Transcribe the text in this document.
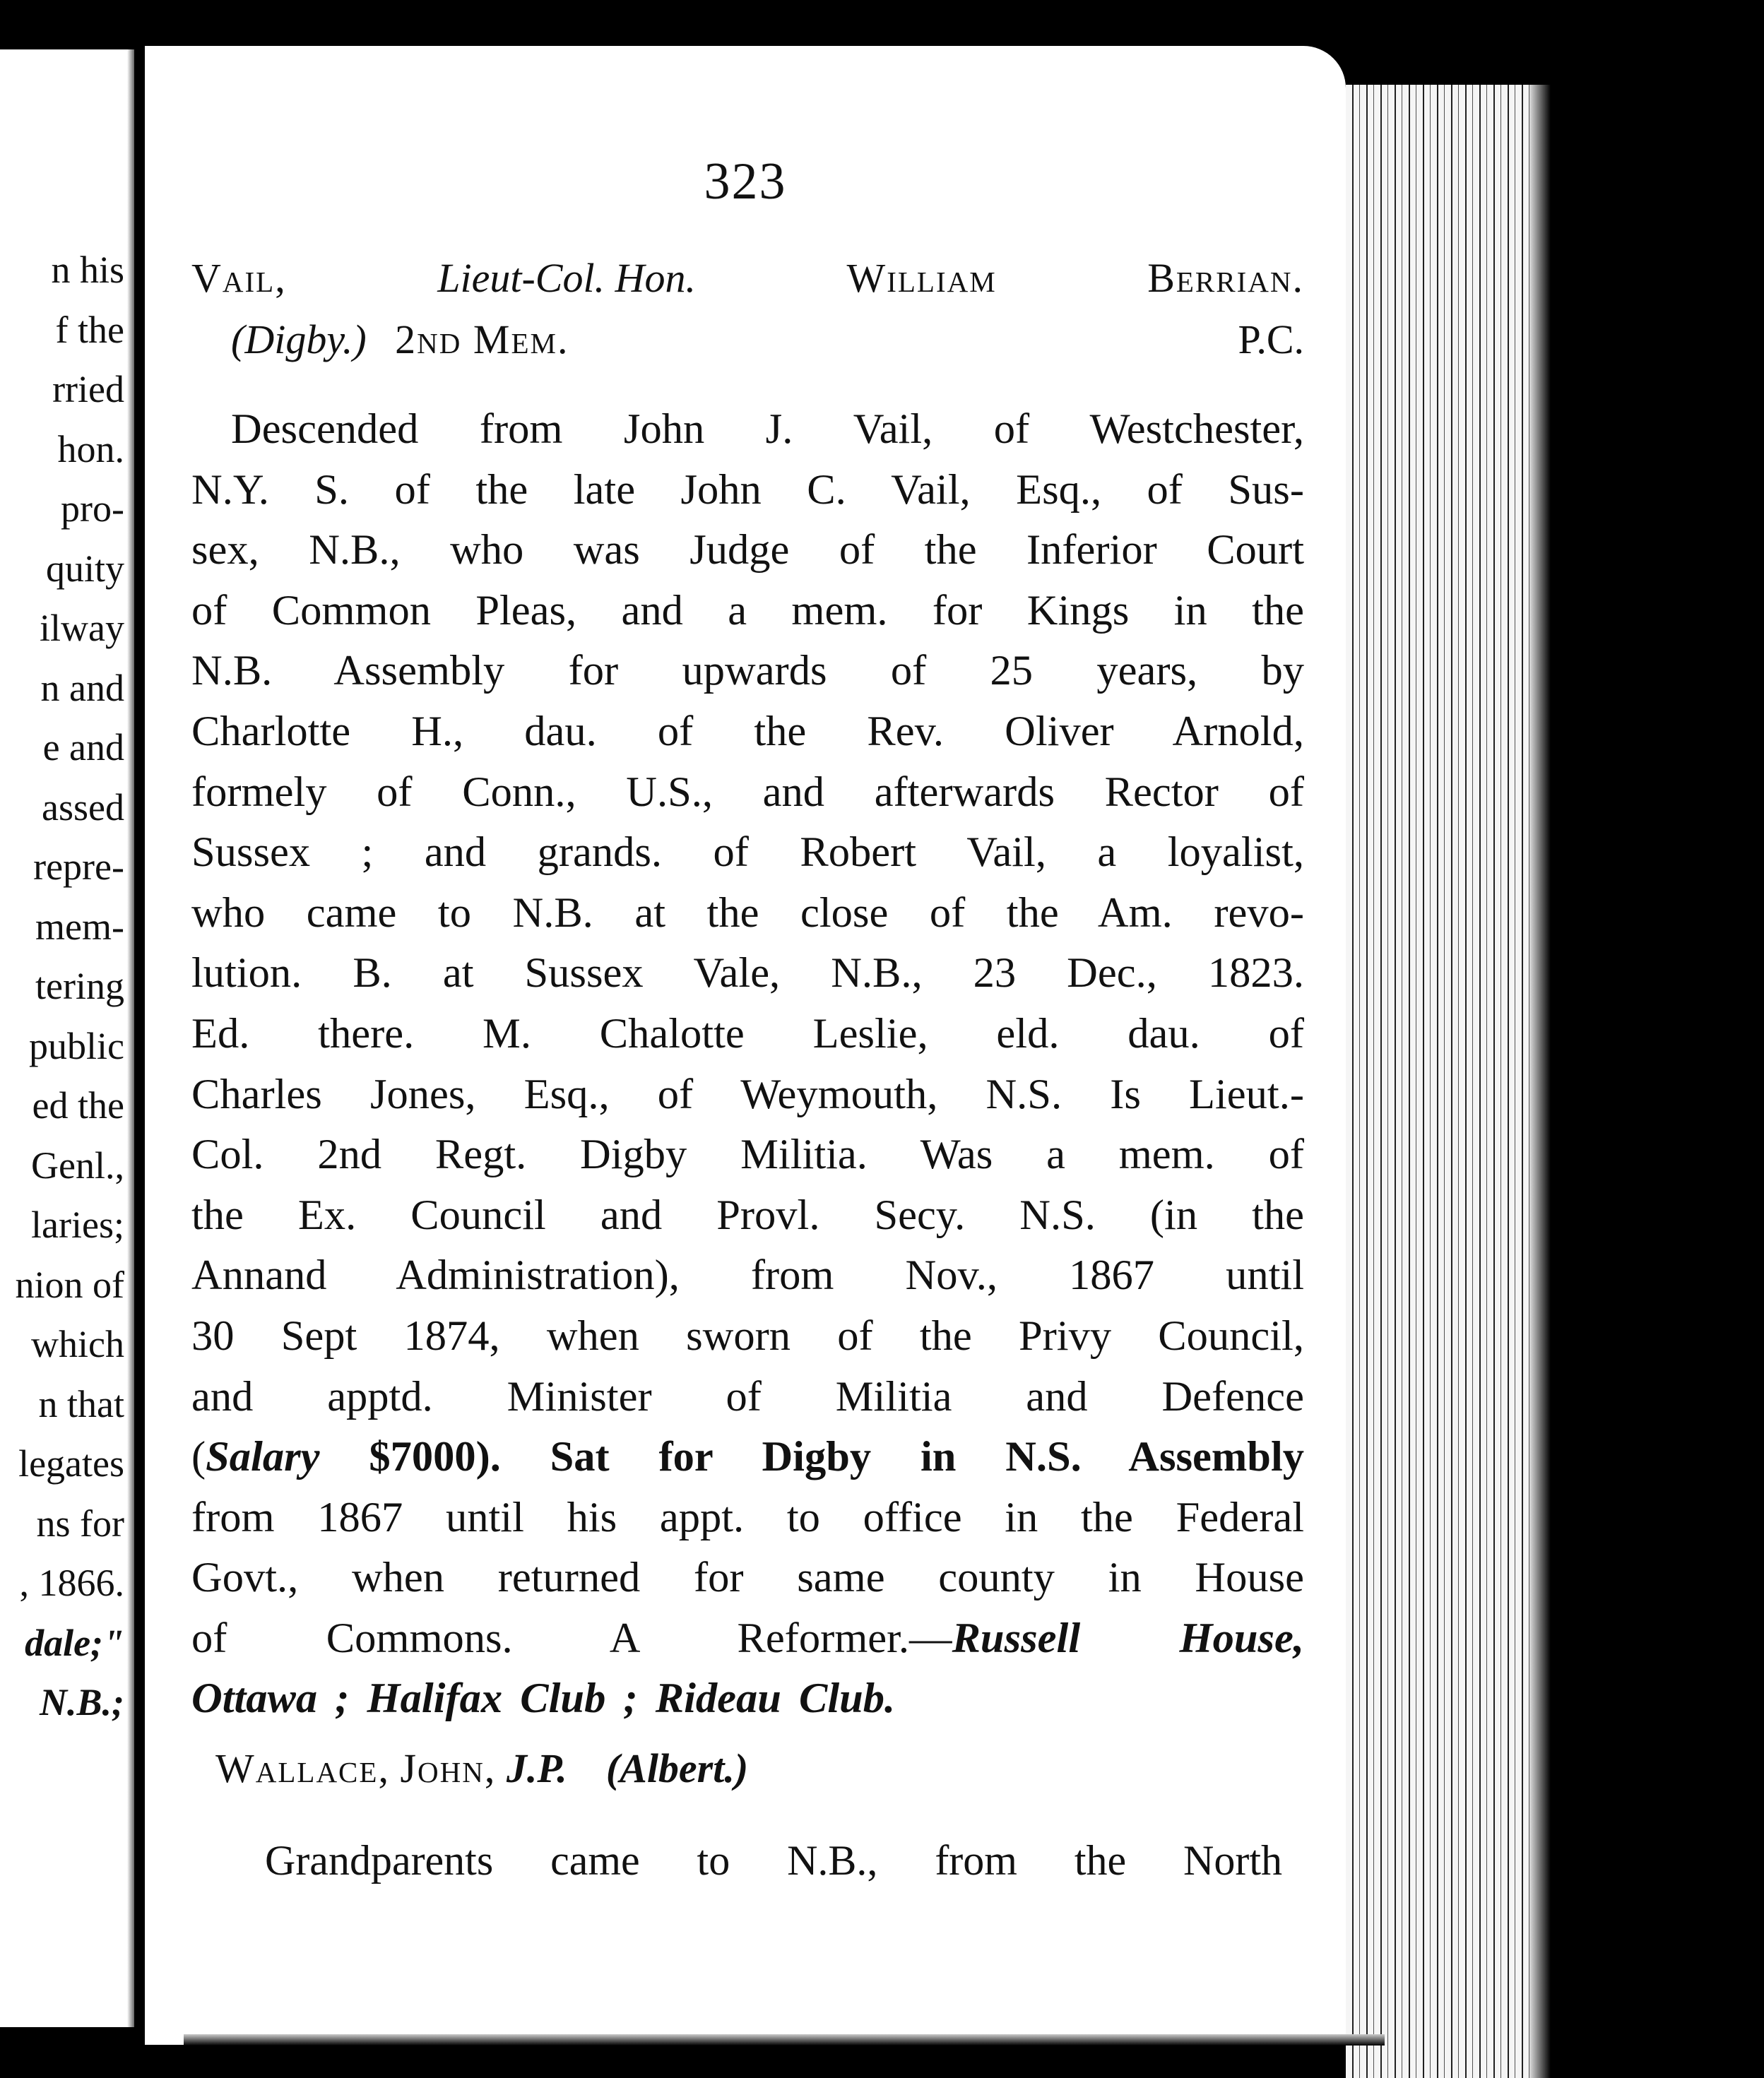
n his
f the
rried
hon.
pro-
quity
ilway
n and
e and
assed
repre-
mem-
tering
public
ed the
Genl.,
laries;
nion of
which
n that
legates
ns for
, 1866.
dale;"
N.B.;
323
Vail,	Lieut-Col. Hon.	William	Berrian.
(Digby.) 2nd Mem.	P.C.
Descended from John J. Vail, of Westchester,
N.Y. S. of the late John C. Vail, Esq., of Sus-
sex, N.B., who was Judge of the Inferior Court
of Common Pleas, and a mem. for Kings in the
N.B. Assembly for upwards of 25 years, by
Charlotte H., dau. of the Rev. Oliver Arnold,
formely of Conn., U.S., and afterwards Rector of
Sussex ; and grands. of Robert Vail, a loyalist,
who came to N.B. at the close of the Am. revo-
lution. B. at Sussex Vale, N.B., 23 Dec., 1823.
Ed. there. M. Chalotte Leslie, eld. dau. of
Charles Jones, Esq., of Weymouth, N.S. Is Lieut.-
Col. 2nd Regt. Digby Militia. Was a mem. of
the Ex. Council and Provl. Secy. N.S. (in the
Annand Administration), from Nov., 1867 until
30 Sept 1874, when sworn of the Privy Council,
and apptd. Minister of Militia and Defence
(Salary $7000). Sat for Digby in N.S. Assembly
from 1867 until his appt. to office in the Federal
Govt., when returned for same county in House
of Commons. A Reformer.—Russell House,
Ottawa ; Halifax Club ; Rideau Club.
Wallace, John, J.P. (Albert.)
Grandparents came to N.B., from the North
